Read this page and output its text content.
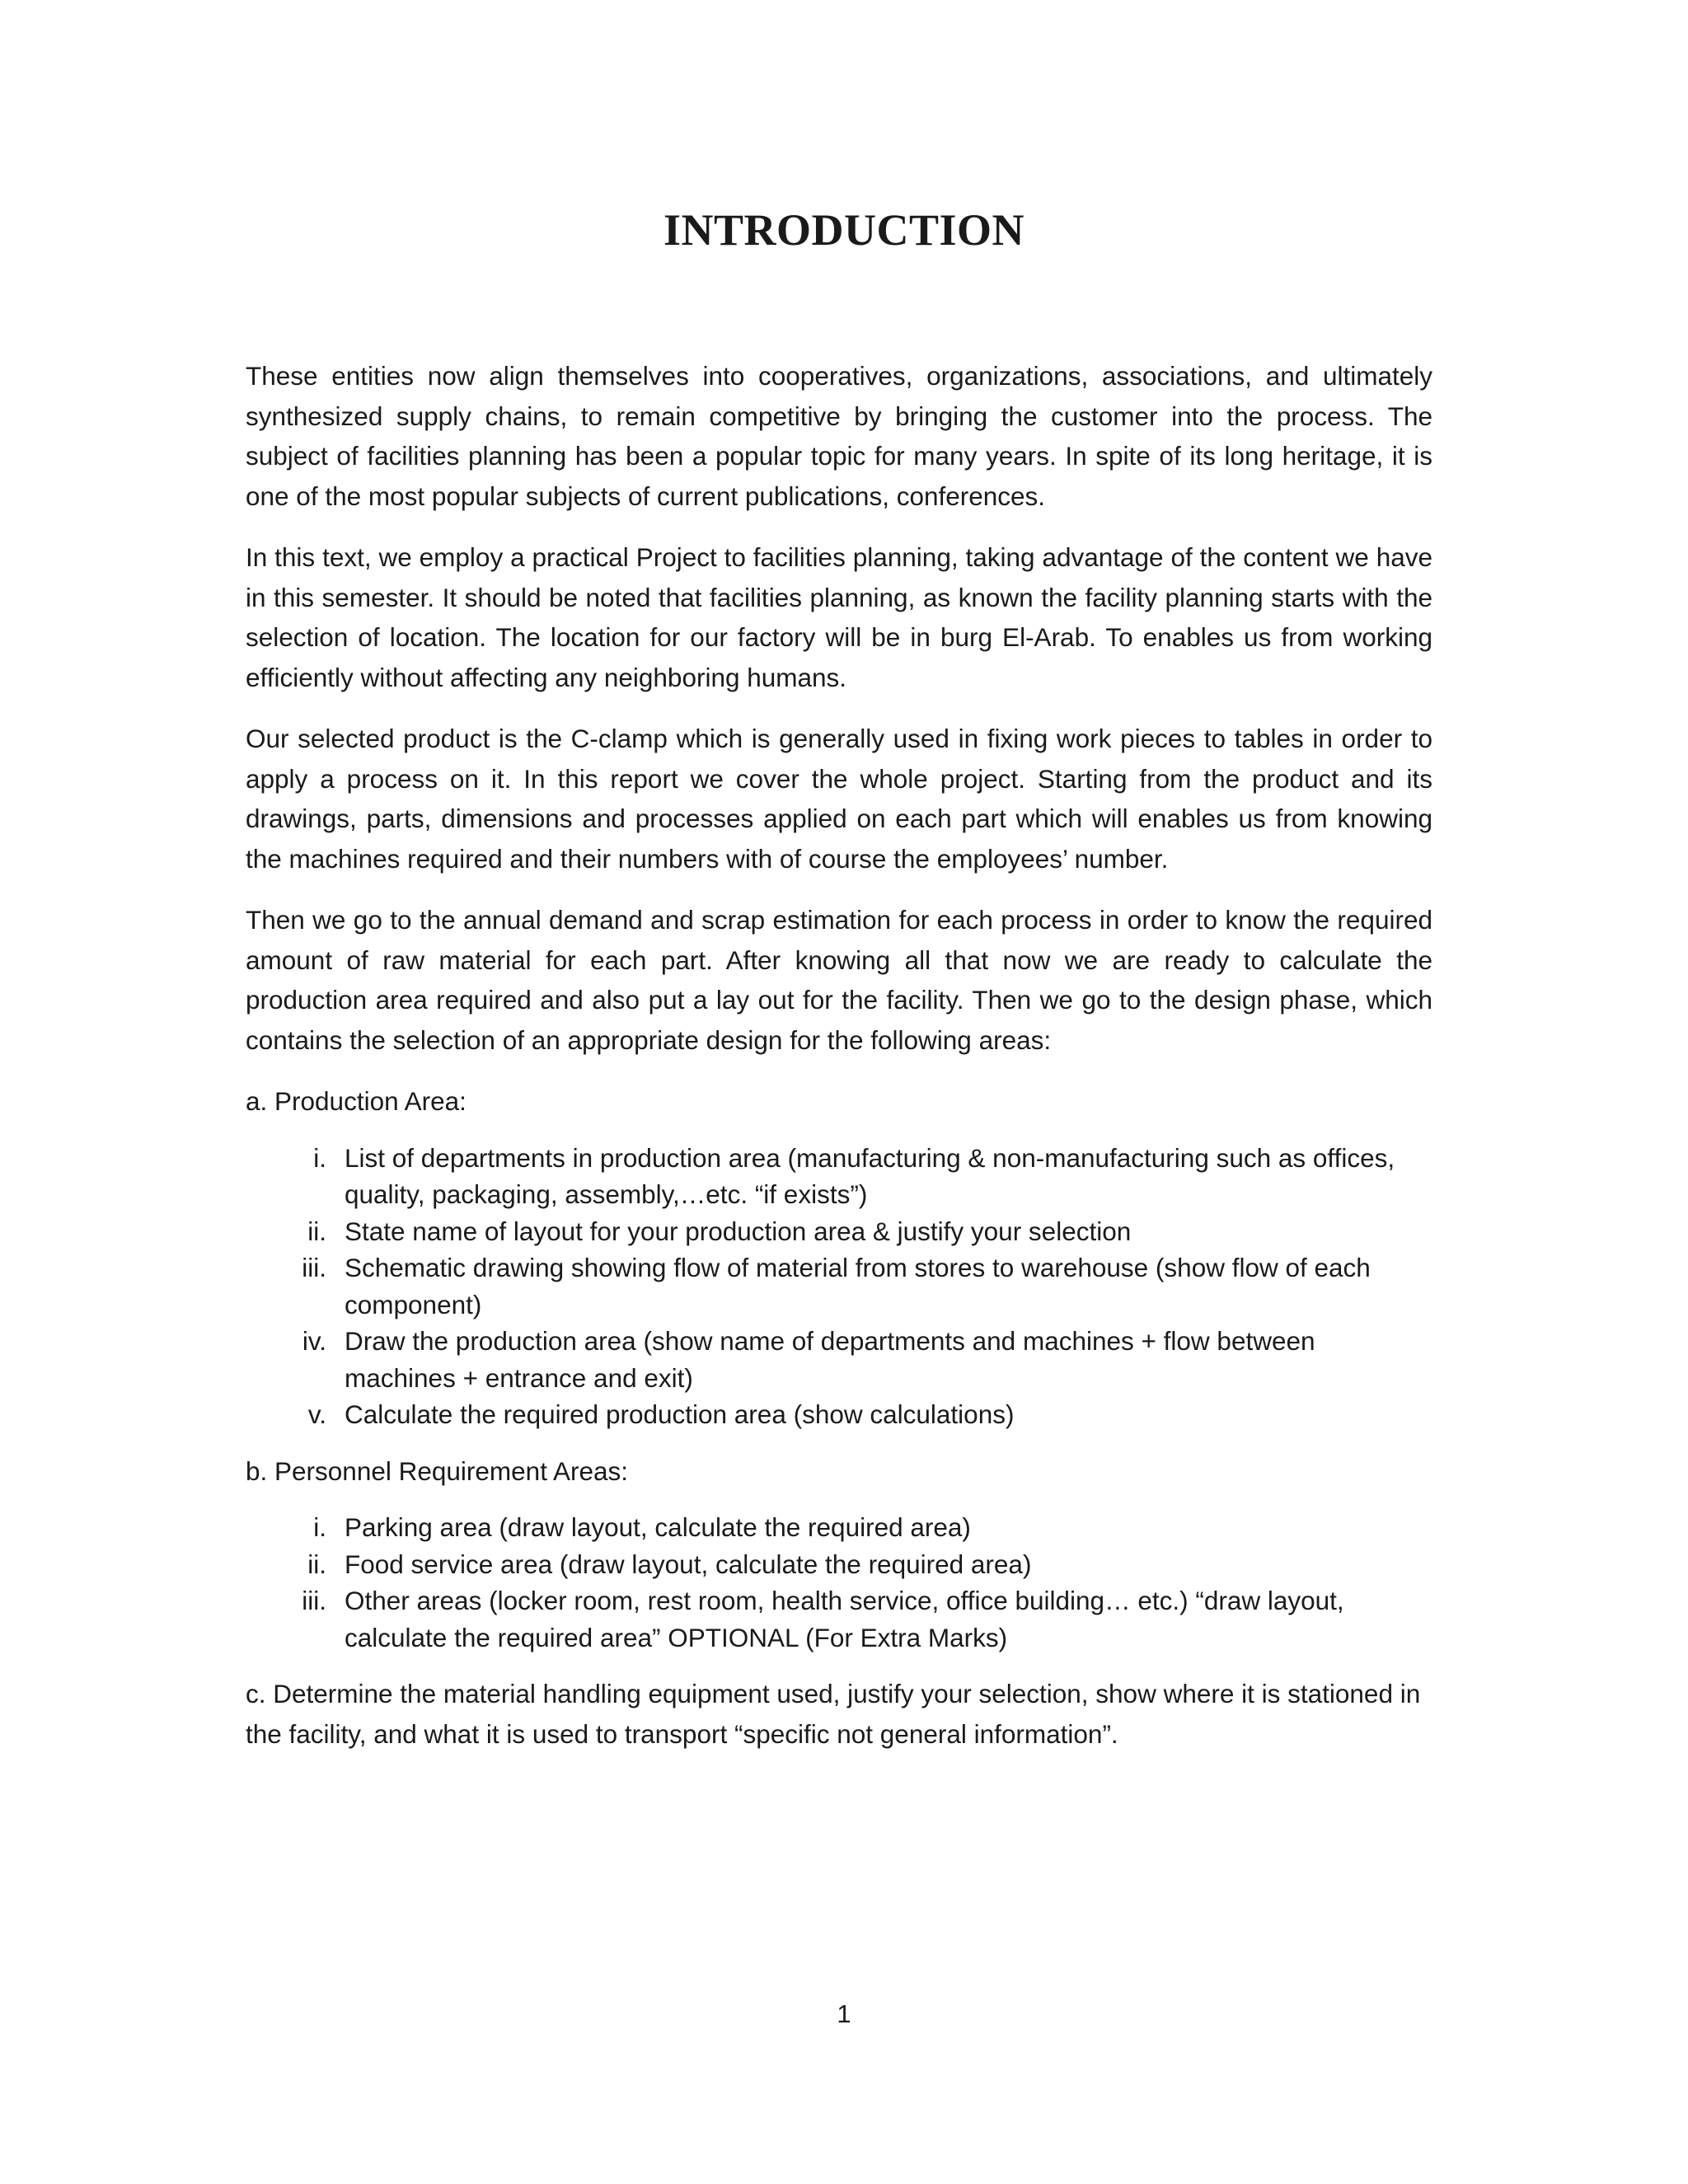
INTRODUCTION

These entities now align themselves into cooperatives, organizations, associations, and ultimately synthesized supply chains, to remain competitive by bringing the customer into the process. The subject of facilities planning has been a popular topic for many years. In spite of its long heritage, it is one of the most popular subjects of current publications, conferences.

In this text, we employ a practical Project to facilities planning, taking advantage of the content we have in this semester. It should be noted that facilities planning, as known the facility planning starts with the selection of location. The location for our factory will be in burg El-Arab. To enables us from working efficiently without affecting any neighboring humans.

Our selected product is the C-clamp which is generally used in fixing work pieces to tables in order to apply a process on it. In this report we cover the whole project. Starting from the product and its drawings, parts, dimensions and processes applied on each part which will enables us from knowing the machines required and their numbers with of course the employees’ number.

Then we go to the annual demand and scrap estimation for each process in order to know the required amount of raw material for each part. After knowing all that now we are ready to calculate the production area required and also put a lay out for the facility. Then we go to the design phase, which contains the selection of an appropriate design for the following areas:

a. Production Area:

i. List of departments in production area (manufacturing & non-manufacturing such as offices, quality, packaging, assembly,…etc. “if exists”)
ii. State name of layout for your production area & justify your selection
iii. Schematic drawing showing flow of material from stores to warehouse (show flow of each component)
iv. Draw the production area (show name of departments and machines + flow between machines + entrance and exit)
v. Calculate the required production area (show calculations)

b. Personnel Requirement Areas:

i. Parking area (draw layout, calculate the required area)
ii. Food service area (draw layout, calculate the required area)
iii. Other areas (locker room, rest room, health service, office building… etc.) “draw layout, calculate the required area” OPTIONAL (For Extra Marks)

c. Determine the material handling equipment used, justify your selection, show where it is stationed in the facility, and what it is used to transport “specific not general information”.

1
